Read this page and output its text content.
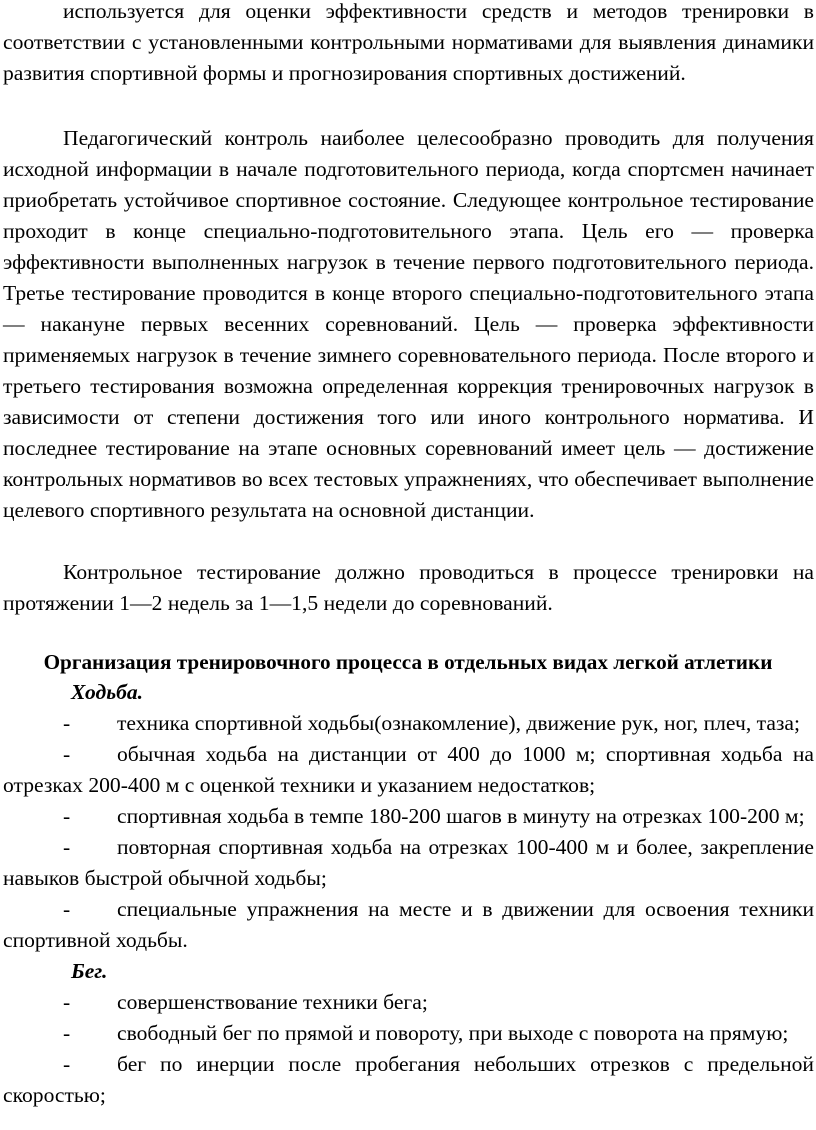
используется для оценки эффективности средств и методов тренировки в соответствии с установленными контрольными нормативами для выявления динамики развития спортивной формы и прогнозирования спортивных достижений.

Педагогический контроль наиболее целесообразно проводить для получения исходной информации в начале подготовительного периода, когда спортсмен начинает приобретать устойчивое спортивное состояние. Следующее контрольное тестирование проходит в конце специально-подготовительного этапа. Цель его — проверка эффективности выполненных нагрузок в течение первого подготовительного периода. Третье тестирование проводится в конце второго специально-подготовительного этапа — накануне первых весенних соревнований. Цель — проверка эффективности применяемых нагрузок в течение зимнего соревновательного периода. После второго и третьего тестирования возможна определенная коррекция тренировочных нагрузок в зависимости от степени достижения того или иного контрольного норматива. И последнее тестирование на этапе основных соревнований имеет цель — достижение контрольных нормативов во всех тестовых упражнениях, что обеспечивает выполнение целевого спортивного результата на основной дистанции.

Контрольное тестирование должно проводиться в процессе тренировки на протяжении 1—2 недель за 1—1,5 недели до соревнований.

Организация тренировочного процесса в отдельных видах легкой атлетики
Ходьба.
- техника спортивной ходьбы(ознакомление), движение рук, ног, плеч, таза;
- обычная ходьба на дистанции от 400 до 1000 м; спортивная ходьба на отрезках 200-400 м с оценкой техники и указанием недостатков;
- спортивная ходьба в темпе 180-200 шагов в минуту на отрезках 100-200 м;
- повторная спортивная ходьба на отрезках 100-400 м и более, закрепление навыков быстрой обычной ходьбы;
- специальные упражнения на месте и в движении для освоения техники спортивной ходьбы.
Бег.
- совершенствование техники бега;
- свободный бег по прямой и повороту, при выходе с поворота на прямую;
- бег по инерции после пробегания небольших отрезков с предельной скоростью;
